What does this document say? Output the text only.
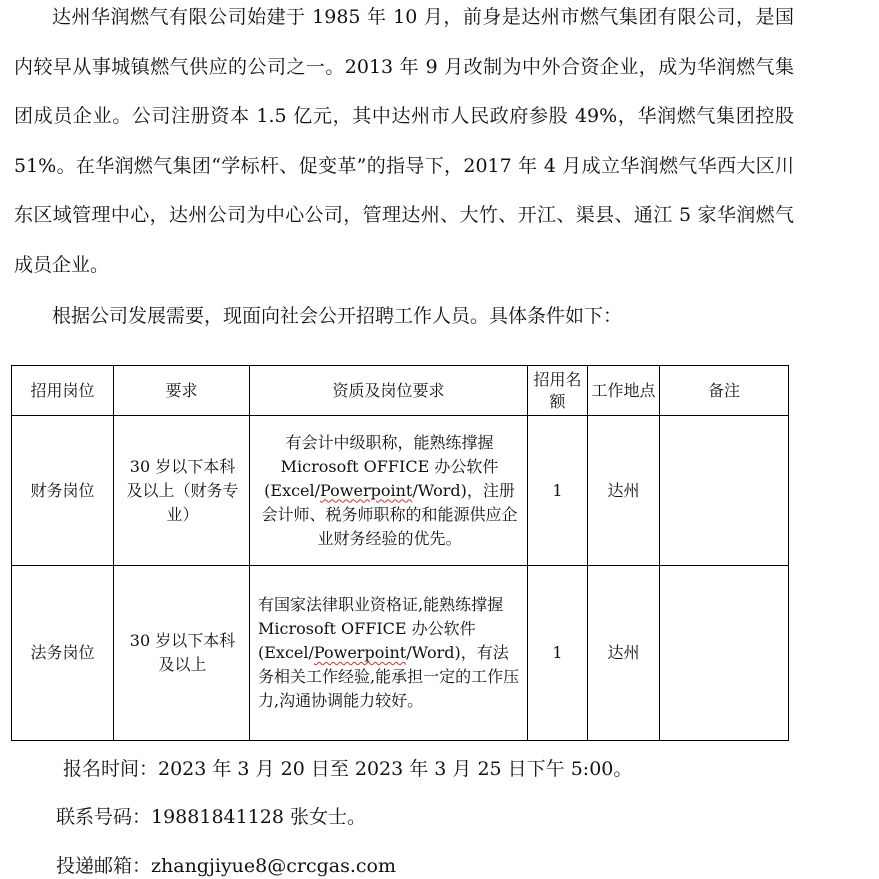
达州华润燃气有限公司始建于 1985 年 10 月，前身是达州市燃气集团有限公司，是国内较早从事城镇燃气供应的公司之一。2013 年 9 月改制为中外合资企业，成为华润燃气集团成员企业。公司注册资本 1.5 亿元，其中达州市人民政府参股 49%，华润燃气集团控股 51%。在华润燃气集团“学标杆、促变革”的指导下，2017 年 4 月成立华润燃气华西大区川东区域管理中心，达州公司为中心公司，管理达州、大竹、开江、渠县、通江 5 家华润燃气成员企业。
根据公司发展需要，现面向社会公开招聘工作人员。具体条件如下：
招用岗位	要求	资质及岗位要求	招用名额	工作地点	备注
财务岗位	30 岁以下本科及以上（财务专业）	有会计中级职称，能熟练撑握 Microsoft OFFICE 办公软件(Excel/Powerpoint/Word)，注册会计师、税务师职称的和能源供应企业财务经验的优先。	1	达州	
法务岗位	30 岁以下本科及以上	有国家法律职业资格证,能熟练撑握 Microsoft OFFICE 办公软件(Excel/Powerpoint/Word)，有法务相关工作经验,能承担一定的工作压力,沟通协调能力较好。	1	达州	
报名时间：2023 年 3 月 20 日至 2023 年 3 月 25 日下午 5:00。
联系号码：19881841128 张女士。
投递邮箱：zhangjiyue8@crcgas.com
